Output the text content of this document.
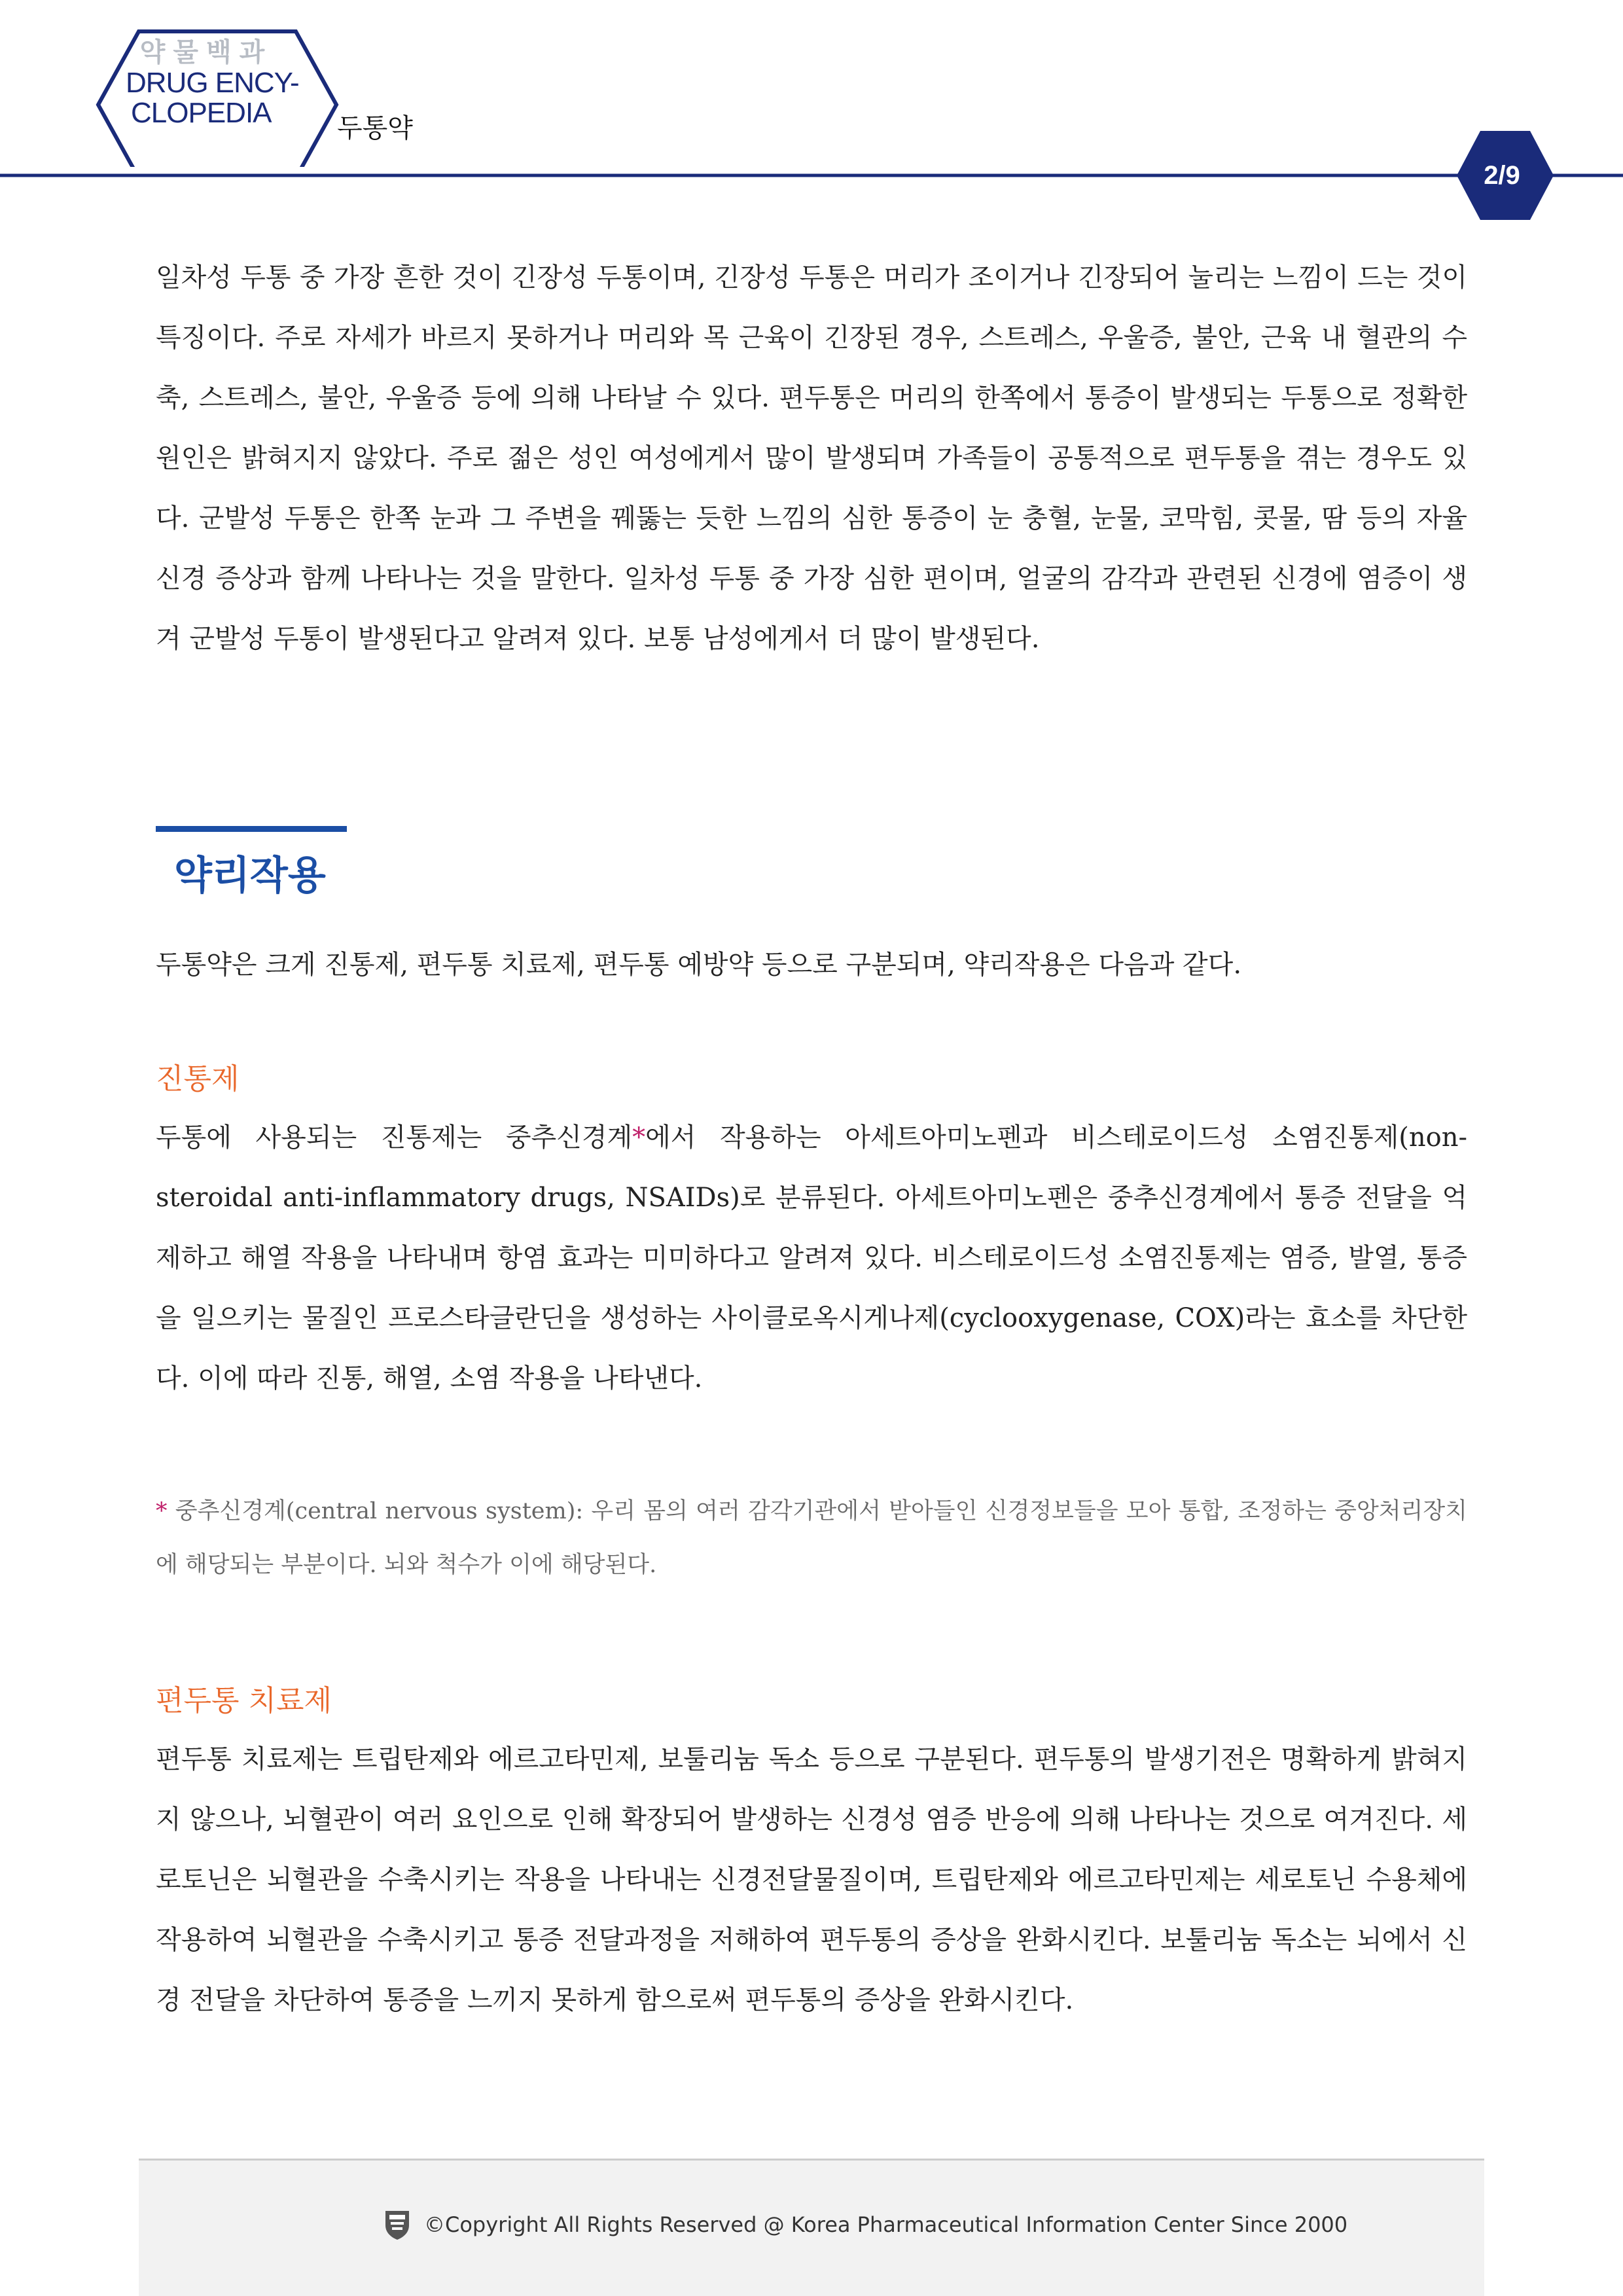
약물백과
DRUG ENCY-
CLOPEDIA	두통약
2/9

일차성 두통 중 가장 흔한 것이 긴장성 두통이며, 긴장성 두통은 머리가 조이거나 긴장되어 눌리는 느낌이 드는 것이 특징이다. 주로 자세가 바르지 못하거나 머리와 목 근육이 긴장된 경우, 스트레스, 우울증, 불안, 근육 내 혈관의 수축, 스트레스, 불안, 우울증 등에 의해 나타날 수 있다. 편두통은 머리의 한쪽에서 통증이 발생되는 두통으로 정확한 원인은 밝혀지지 않았다. 주로 젊은 성인 여성에게서 많이 발생되며 가족들이 공통적으로 편두통을 겪는 경우도 있다. 군발성 두통은 한쪽 눈과 그 주변을 꿰뚫는 듯한 느낌의 심한 통증이 눈 충혈, 눈물, 코막힘, 콧물, 땀 등의 자율신경 증상과 함께 나타나는 것을 말한다. 일차성 두통 중 가장 심한 편이며, 얼굴의 감각과 관련된 신경에 염증이 생겨 군발성 두통이 발생된다고 알려져 있다. 보통 남성에게서 더 많이 발생된다.

약리작용

두통약은 크게 진통제, 편두통 치료제, 편두통 예방약 등으로 구분되며, 약리작용은 다음과 같다.

진통제

두통에 사용되는 진통제는 중추신경계*에서 작용하는 아세트아미노펜과 비스테로이드성 소염진통제(non-steroidal anti-inflammatory drugs, NSAIDs)로 분류된다. 아세트아미노펜은 중추신경계에서 통증 전달을 억제하고 해열 작용을 나타내며 항염 효과는 미미하다고 알려져 있다. 비스테로이드성 소염진통제는 염증, 발열, 통증을 일으키는 물질인 프로스타글란딘을 생성하는 사이클로옥시게나제(cyclooxygenase, COX)라는 효소를 차단한다. 이에 따라 진통, 해열, 소염 작용을 나타낸다.

* 중추신경계(central nervous system): 우리 몸의 여러 감각기관에서 받아들인 신경정보들을 모아 통합, 조정하는 중앙처리장치에 해당되는 부분이다. 뇌와 척수가 이에 해당된다.

편두통 치료제

편두통 치료제는 트립탄제와 에르고타민제, 보툴리눔 독소 등으로 구분된다. 편두통의 발생기전은 명확하게 밝혀지지 않으나, 뇌혈관이 여러 요인으로 인해 확장되어 발생하는 신경성 염증 반응에 의해 나타나는 것으로 여겨진다. 세로토닌은 뇌혈관을 수축시키는 작용을 나타내는 신경전달물질이며, 트립탄제와 에르고타민제는 세로토닌 수용체에 작용하여 뇌혈관을 수축시키고 통증 전달과정을 저해하여 편두통의 증상을 완화시킨다. 보툴리눔 독소는 뇌에서 신경 전달을 차단하여 통증을 느끼지 못하게 함으로써 편두통의 증상을 완화시킨다.

©Copyright All Rights Reserved @ Korea Pharmaceutical Information Center Since 2000
